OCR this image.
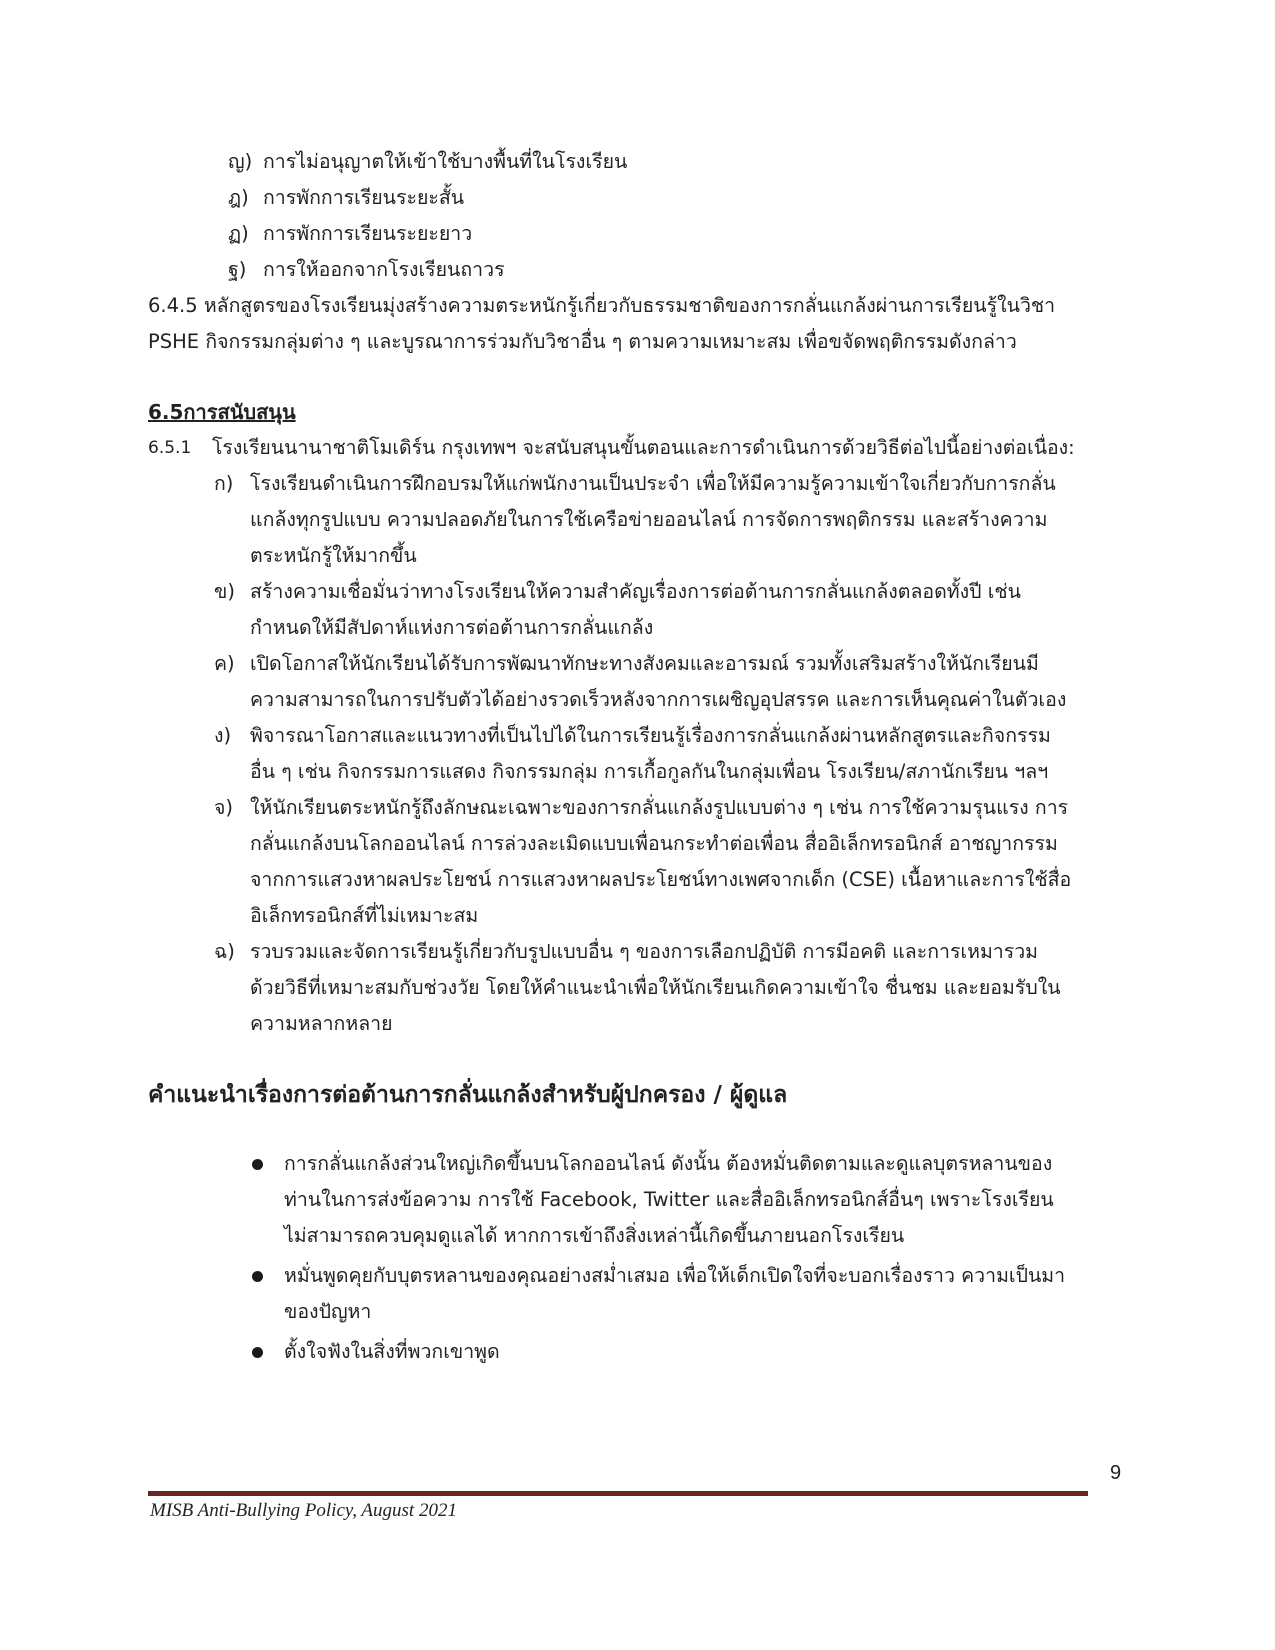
ญ) การไม่อนุญาตให้เข้าใช้บางพื้นที่ในโรงเรียน
ฎ) การพักการเรียนระยะสั้น
ฏ) การพักการเรียนระยะยาว
ฐ) การให้ออกจากโรงเรียนถาวร
6.4.5 หลักสูตรของโรงเรียนมุ่งสร้างความตระหนักรู้เกี่ยวกับธรรมชาติของการกลั่นแกล้งผ่านการเรียนรู้ในวิชา
PSHE กิจกรรมกลุ่มต่าง ๆ และบูรณาการร่วมกับวิชาอื่น ๆ ตามความเหมาะสม เพื่อขจัดพฤติกรรมดังกล่าว
6.5การสนับสนุน
6.5.1 โรงเรียนนานาชาติโมเดิร์น กรุงเทพฯ จะสนับสนุนขั้นตอนและการดำเนินการด้วยวิธีต่อไปนี้อย่างต่อเนื่อง:
ก) โรงเรียนดำเนินการฝึกอบรมให้แก่พนักงานเป็นประจำ เพื่อให้มีความรู้ความเข้าใจเกี่ยวกับการกลั่น
แกล้งทุกรูปแบบ ความปลอดภัยในการใช้เครือข่ายออนไลน์ การจัดการพฤติกรรม และสร้างความ
ตระหนักรู้ให้มากขึ้น
ข) สร้างความเชื่อมั่นว่าทางโรงเรียนให้ความสำคัญเรื่องการต่อต้านการกลั่นแกล้งตลอดทั้งปี เช่น
กำหนดให้มีสัปดาห์แห่งการต่อต้านการกลั่นแกล้ง
ค) เปิดโอกาสให้นักเรียนได้รับการพัฒนาทักษะทางสังคมและอารมณ์ รวมทั้งเสริมสร้างให้นักเรียนมี
ความสามารถในการปรับตัวได้อย่างรวดเร็วหลังจากการเผชิญอุปสรรค และการเห็นคุณค่าในตัวเอง
ง) พิจารณาโอกาสและแนวทางที่เป็นไปได้ในการเรียนรู้เรื่องการกลั่นแกล้งผ่านหลักสูตรและกิจกรรม
อื่น ๆ เช่น กิจกรรมการแสดง กิจกรรมกลุ่ม การเกื้อกูลกันในกลุ่มเพื่อน โรงเรียน/สภานักเรียน ฯลฯ
จ) ให้นักเรียนตระหนักรู้ถึงลักษณะเฉพาะของการกลั่นแกล้งรูปแบบต่าง ๆ เช่น การใช้ความรุนแรง การ
กลั่นแกล้งบนโลกออนไลน์ การล่วงละเมิดแบบเพื่อนกระทำต่อเพื่อน สื่ออิเล็กทรอนิกส์ อาชญากรรม
จากการแสวงหาผลประโยชน์ การแสวงหาผลประโยชน์ทางเพศจากเด็ก (CSE) เนื้อหาและการใช้สื่อ
อิเล็กทรอนิกส์ที่ไม่เหมาะสม
ฉ) รวบรวมและจัดการเรียนรู้เกี่ยวกับรูปแบบอื่น ๆ ของการเลือกปฏิบัติ การมีอคติ และการเหมารวม
ด้วยวิธีที่เหมาะสมกับช่วงวัย โดยให้คำแนะนำเพื่อให้นักเรียนเกิดความเข้าใจ ชื่นชม และยอมรับใน
ความหลากหลาย
คำแนะนำเรื่องการต่อต้านการกลั่นแกล้งสำหรับผู้ปกครอง / ผู้ดูแล
การกลั่นแกล้งส่วนใหญ่เกิดขึ้นบนโลกออนไลน์ ดังนั้น ต้องหมั่นติดตามและดูแลบุตรหลานของ
ท่านในการส่งข้อความ การใช้ Facebook, Twitter และสื่ออิเล็กทรอนิกส์อื่นๆ เพราะโรงเรียน
ไม่สามารถควบคุมดูแลได้ หากการเข้าถึงสิ่งเหล่านี้เกิดขึ้นภายนอกโรงเรียน
หมั่นพูดคุยกับบุตรหลานของคุณอย่างสม่ำเสมอ เพื่อให้เด็กเปิดใจที่จะบอกเรื่องราว ความเป็นมา
ของปัญหา
ตั้งใจฟังในสิ่งที่พวกเขาพูด
9
MISB Anti-Bullying Policy, August 2021
